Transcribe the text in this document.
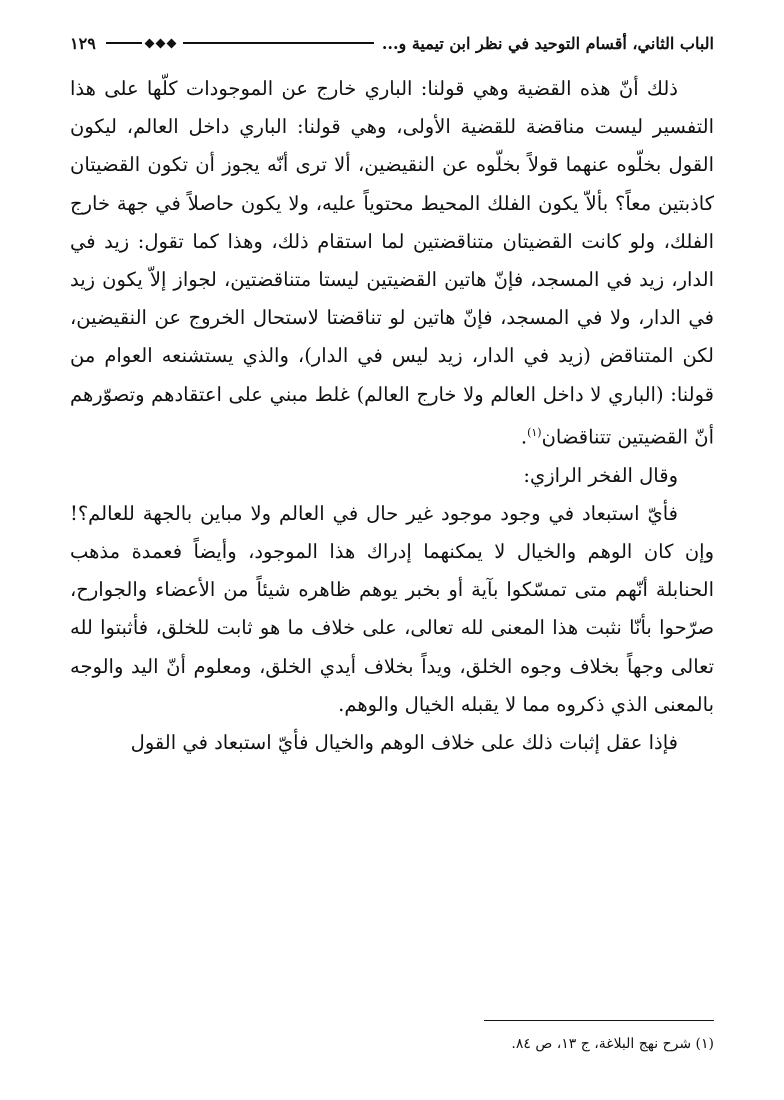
الباب الثاني، أقسام التوحيد في نظر ابن تيمية و...
١٢٩

ذلك أنّ هذه القضية وهي قولنا: الباري خارج عن الموجودات كلّها على هذا التفسير ليست مناقضة للقضية الأولى، وهي قولنا: الباري داخل العالم، ليكون القول بخلّوه عنهما قولاً بخلّوه عن النقيضين، ألا ترى أنّه يجوز أن تكون القضيتان كاذبتين معاً؟ بألاّ يكون الفلك المحيط محتوياً عليه، ولا يكون حاصلاً في جهة خارج الفلك، ولو كانت القضيتان متناقضتين لما استقام ذلك، وهذا كما تقول: زيد في الدار، زيد في المسجد، فإنّ هاتين القضيتين ليستا متناقضتين، لجواز إلاّ يكون زيد في الدار، ولا في المسجد، فإنّ هاتين لو تناقضتا لاستحال الخروج عن النقيضين، لكن المتناقض (زيد في الدار، زيد ليس في الدار)، والذي يستشنعه العوام من قولنا: (الباري لا داخل العالم ولا خارج العالم) غلط مبني على اعتقادهم وتصوّرهم أنّ القضيتين تتناقضان$^{(١)}$.

وقال الفخر الرازي:

فأيّ استبعاد في وجود موجود غير حال في العالم ولا مباين بالجهة للعالم؟! وإن كان الوهم والخيال لا يمكنهما إدراك هذا الموجود، وأيضاً فعمدة مذهب الحنابلة أنّهم متى تمسّكوا بآية أو بخبر يوهم ظاهره شيئاً من الأعضاء والجوارح، صرّحوا بأنّا نثبت هذا المعنى لله تعالى، على خلاف ما هو ثابت للخلق، فأثبتوا لله تعالى وجهاً بخلاف وجوه الخلق، ويداً بخلاف أيدي الخلق، ومعلوم أنّ اليد والوجه بالمعنى الذي ذكروه مما لا يقبله الخيال والوهم.

فإذا عقل إثبات ذلك على خلاف الوهم والخيال فأيّ استبعاد في القول

(١) شرح نهج البلاغة، ج ١٣، ص ٨٤.
